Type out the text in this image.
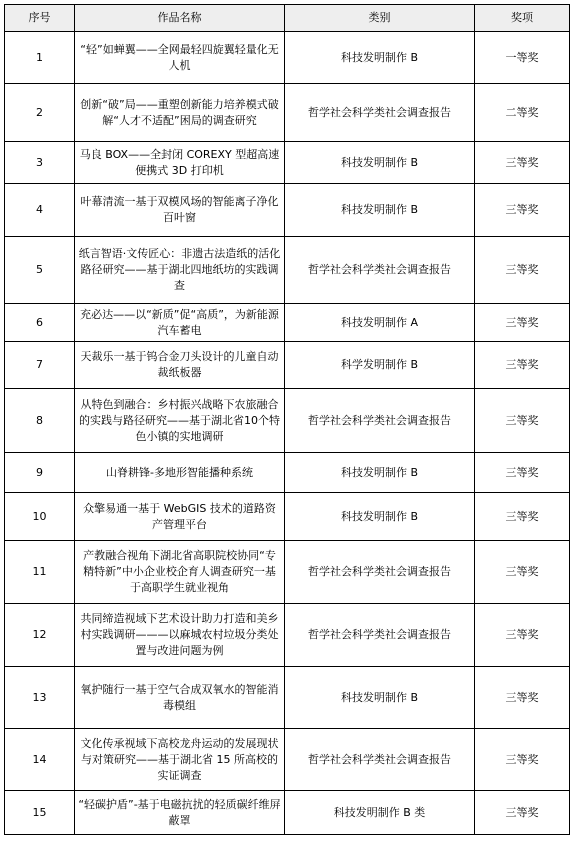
序号	作品名称	类别	奖项
1	“轻”如蝉翼——全网最轻四旋翼轻量化无人机	科技发明制作 B	一等奖
2	创新“破”局——重塑创新能力培养模式破解“人才不适配”困局的调查研究	哲学社会科学类社会调查报告	二等奖
3	马良 BOX——全封闭 COREXY 型超高速便携式 3D 打印机	科技发明制作 B	三等奖
4	叶幕清流一基于双模风场的智能离子净化百叶窗	科技发明制作 B	三等奖
5	纸言智语·文传匠心：非遗古法造纸的活化路径研究——基于湖北四地纸坊的实践调查	哲学社会科学类社会调查报告	三等奖
6	充必达——以“新质”促“高质”，为新能源汽车蓄电	科技发明制作 A	三等奖
7	天裁乐一基于钨合金刀头设计的儿童自动裁纸板器	科学发明制作 B	三等奖
8	从特色到融合：乡村振兴战略下农旅融合的实践与路径研究——基于湖北省10个特色小镇的实地调研	哲学社会科学类社会调查报告	三等奖
9	山脊耕锋-多地形智能播种系统	科技发明制作 B	三等奖
10	众擎易通一基于 WebGIS 技术的道路资产管理平台	科技发明制作 B	三等奖
11	产教融合视角下湖北省高职院校协同“专精特新”中小企业校企育人调查研究一基于高职学生就业视角	哲学社会科学类社会调查报告	三等奖
12	共同缔造视域下艺术设计助力打造和美乡村实践调研———以麻城农村垃圾分类处置与改进问题为例	哲学社会科学类社会调查报告	三等奖
13	氧护随行一基于空气合成双氧水的智能消毒模组	科技发明制作 B	三等奖
14	文化传承视域下高校龙舟运动的发展现状与对策研究——基于湖北省 15 所高校的实证调查	哲学社会科学类社会调查报告	三等奖
15	“轻碳护盾”-基于电磁抗扰的轻质碳纤维屏蔽罩	科技发明制作 B 类	三等奖
